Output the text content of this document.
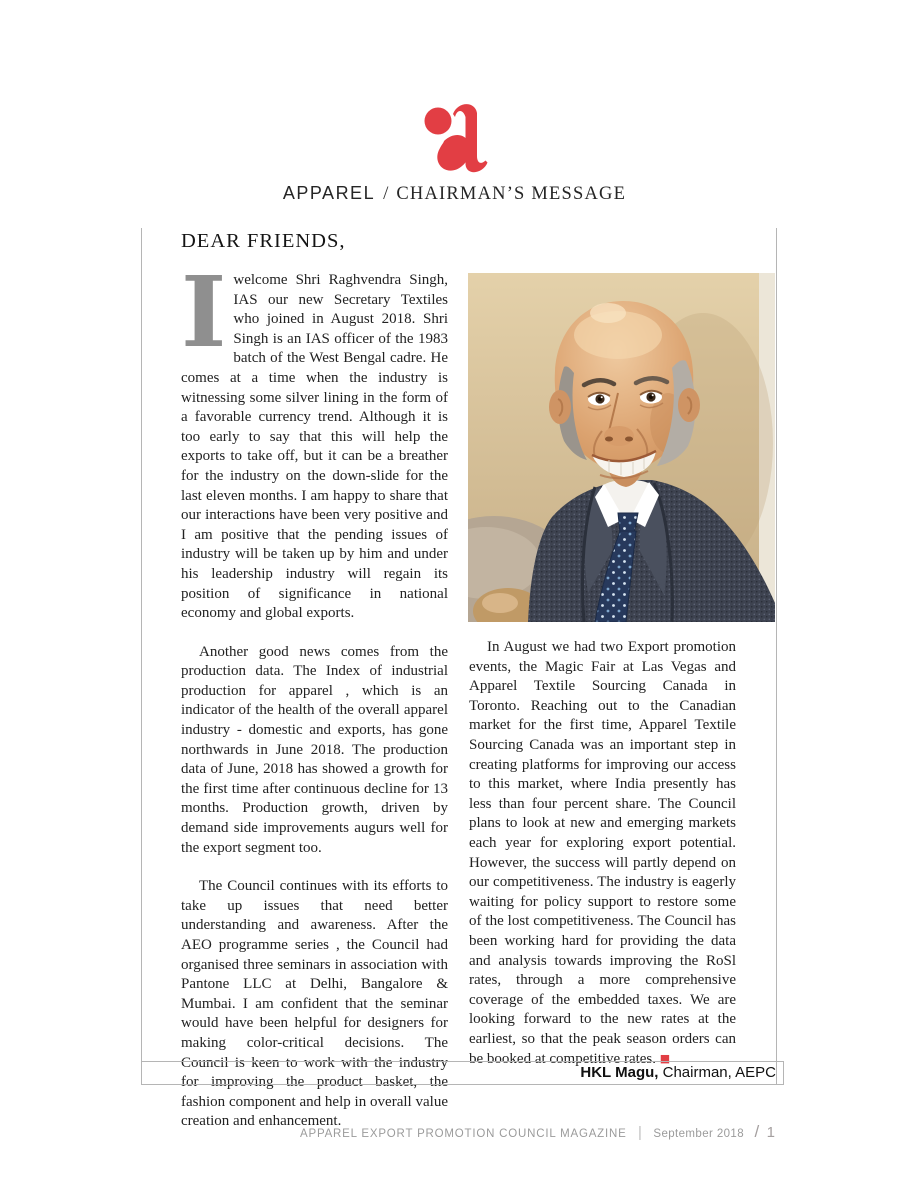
APPAREL / CHAIRMAN’S MESSAGE
DEAR FRIENDS,

Iwelcome Shri Raghvendra Singh, IAS our new Secretary Textiles who joined in August 2018. Shri Singh is an IAS officer of the 1983 batch of the West Bengal cadre. He comes at a time when the industry is witnessing some silver lining in the form of a favorable currency trend. Although it is too early to say that this will help the exports to take off, but it can be a breather for the industry on the down-slide for the last eleven months. I am happy to share that our interactions have been very positive and I am positive that the pending issues of industry will be taken up by him and under his leadership industry will regain its position of significance in national economy and global exports.

Another good news comes from the production data. The Index of industrial production for apparel , which is an indicator of the health of the overall apparel industry - domestic and exports, has gone northwards in June 2018. The production data of June, 2018 has showed a growth for the first time after continuous decline for 13 months. Production growth, driven by demand side improvements augurs well for the export segment too.

The Council continues with its efforts to take up issues that need better understanding and awareness. After the AEO programme series , the Council had organised three seminars in association with Pantone LLC at Delhi, Bangalore & Mumbai. I am confident that the seminar would have been helpful for designers for making color-critical decisions. The Council is keen to work with the industry for improving the product basket, the fashion component and help in overall value creation and enhancement.

In August we had two Export promotion events, the Magic Fair at Las Vegas and Apparel Textile Sourcing Canada in Toronto. Reaching out to the Canadian market for the first time, Apparel Textile Sourcing Canada was an important step in creating platforms for improving our access to this market, where India presently has less than four percent share. The Council plans to look at new and emerging markets each year for exploring export potential. However, the success will partly depend on our competitiveness. The industry is eagerly waiting for policy support to restore some of the lost competitiveness. The Council has been working hard for providing the data and analysis towards improving the RoSl rates, through a more comprehensive coverage of the embedded taxes. We are looking forward to the new rates at the earliest, so that the peak season orders can be booked at competitive rates. ■

HKL Magu, Chairman, AEPC
APPAREL EXPORT PROMOTION COUNCIL MAGAZINE | September 2018 / 1
